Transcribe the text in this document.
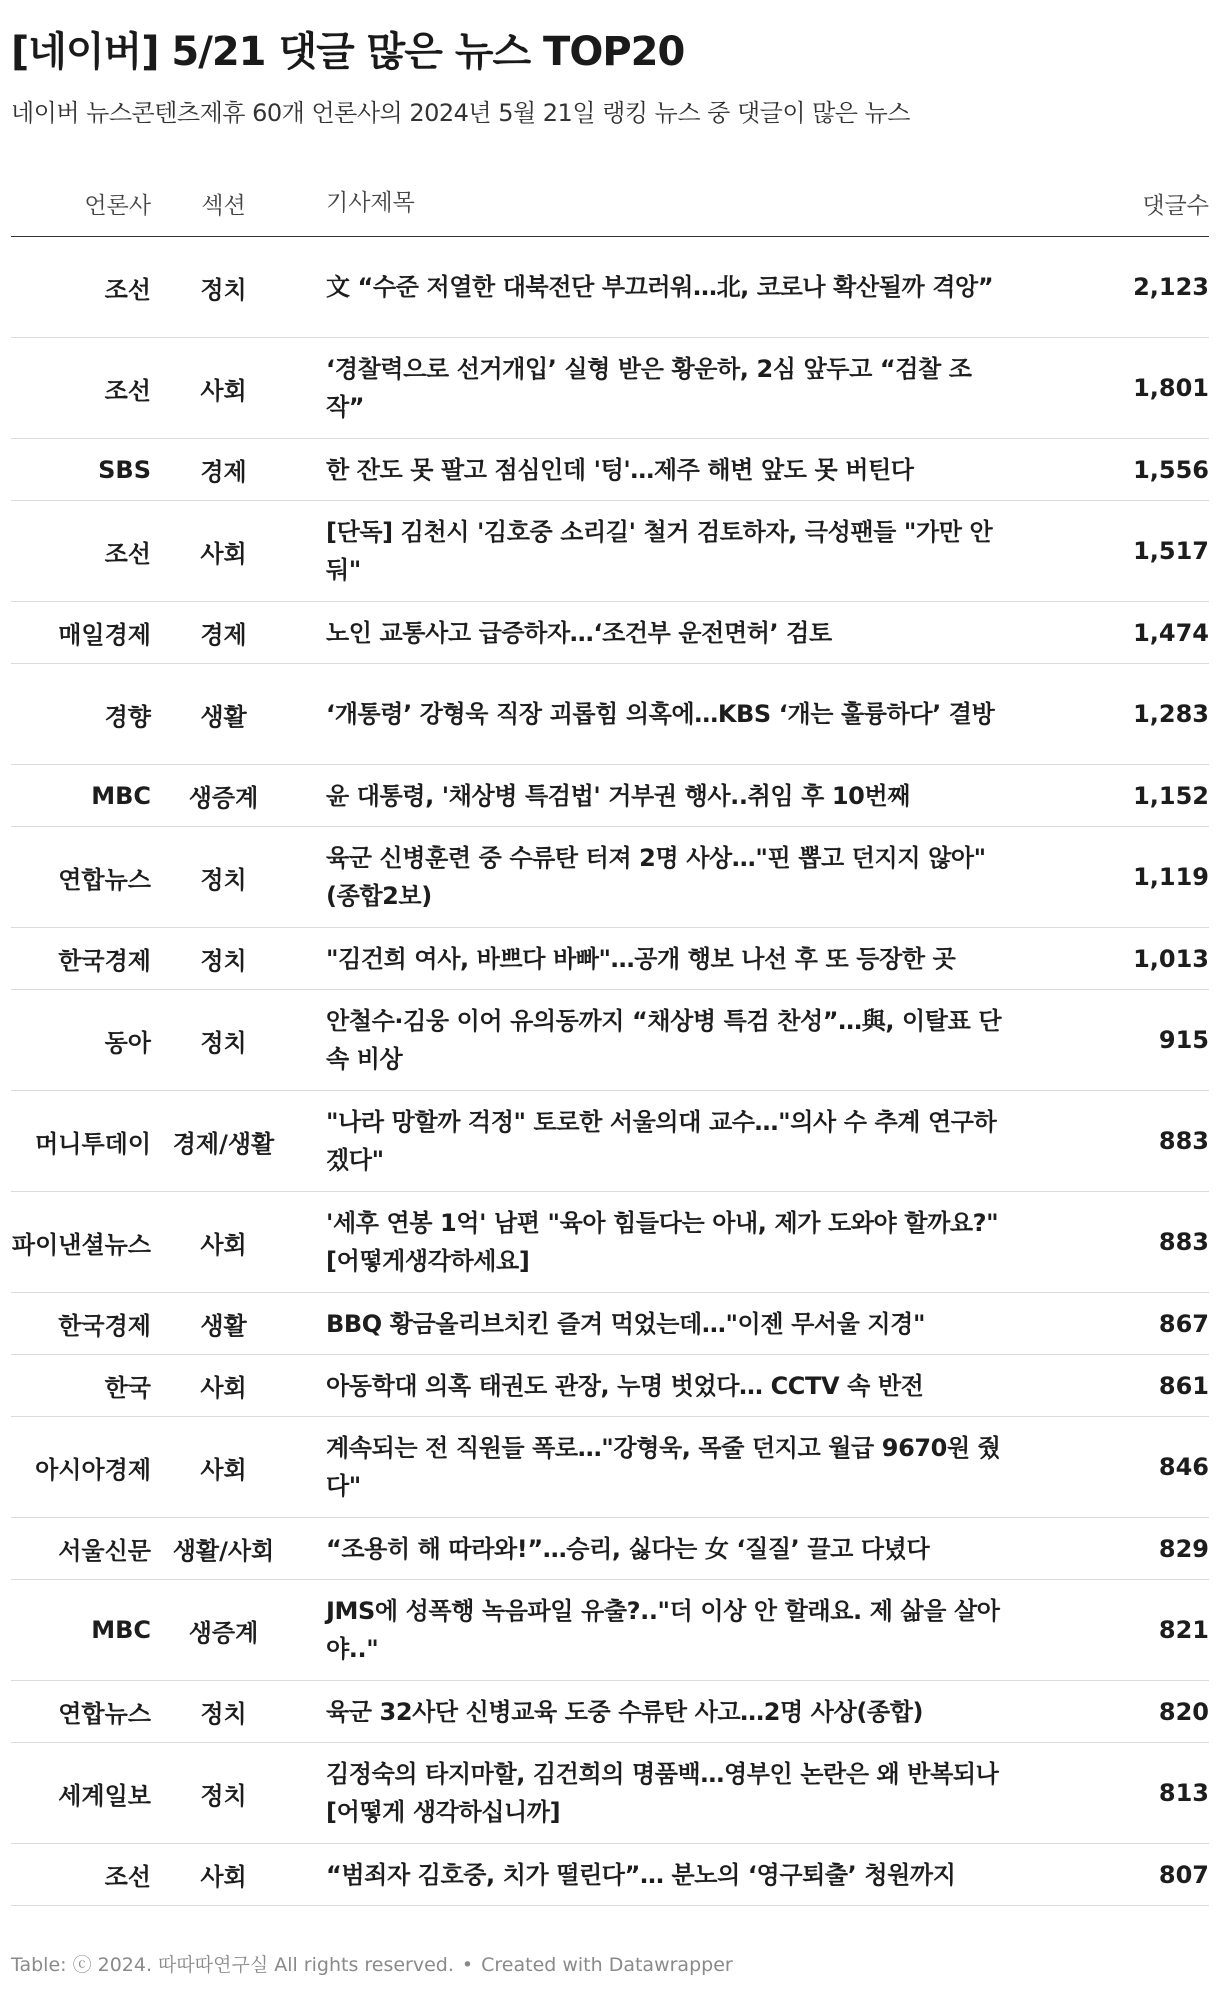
[네이버] 5/21 댓글 많은 뉴스 TOP20
네이버 뉴스콘텐츠제휴 60개 언론사의 2024년 5월 21일 랭킹 뉴스 중 댓글이 많은 뉴스
언론사	섹션		기사제목	댓글수
조선	정치		文 “수준 저열한 대북전단 부끄러워…北, 코로나 확산될까 격앙”	2,123
조선	사회		‘경찰력으로 선거개입’ 실형 받은 황운하, 2심 앞두고 “검찰 조작”	1,801
SBS	경제		한 잔도 못 팔고 점심인데 '텅'…제주 해변 앞도 못 버틴다	1,556
조선	사회		[단독] 김천시 '김호중 소리길' 철거 검토하자, 극성팬들 "가만 안둬"	1,517
매일경제	경제		노인 교통사고 급증하자…‘조건부 운전면허’ 검토	1,474
경향	생활		‘개통령’ 강형욱 직장 괴롭힘 의혹에…KBS ‘개는 훌륭하다’ 결방	1,283
MBC	생증계		윤 대통령, '채상병 특검법' 거부권 행사..취임 후 10번째	1,152
연합뉴스	정치		육군 신병훈련 중 수류탄 터져 2명 사상…"핀 뽑고 던지지 않아"(종합2보)	1,119
한국경제	정치		"김건희 여사, 바쁘다 바빠"…공개 행보 나선 후 또 등장한 곳	1,013
동아	정치		안철수·김웅 이어 유의동까지 “채상병 특검 찬성”…與, 이탈표 단속 비상	915
머니투데이	경제/생활		"나라 망할까 걱정" 토로한 서울의대 교수…"의사 수 추계 연구하겠다"	883
파이낸셜뉴스	사회		'세후 연봉 1억' 남편 "육아 힘들다는 아내, 제가 도와야 할까요?" [어떻게생각하세요]	883
한국경제	생활		BBQ 황금올리브치킨 즐겨 먹었는데…"이젠 무서울 지경"	867
한국	사회		아동학대 의혹 태권도 관장, 누명 벗었다… CCTV 속 반전	861
아시아경제	사회		계속되는 전 직원들 폭로…"강형욱, 목줄 던지고 월급 9670원 줬다"	846
서울신문	생활/사회		“조용히 해 따라와!”…승리, 싫다는 女 ‘질질’ 끌고 다녔다	829
MBC	생증계		JMS에 성폭행 녹음파일 유출?.."더 이상 안 할래요. 제 삶을 살아야.."	821
연합뉴스	정치		육군 32사단 신병교육 도중 수류탄 사고…2명 사상(종합)	820
세계일보	정치		김정숙의 타지마할, 김건희의 명품백…영부인 논란은 왜 반복되나 [어떻게 생각하십니까]	813
조선	사회		“범죄자 김호중, 치가 떨린다”… 분노의 ‘영구퇴출’ 청원까지	807
Table: ⓒ 2024. 따따따연구실 All rights reserved. • Created with Datawrapper
